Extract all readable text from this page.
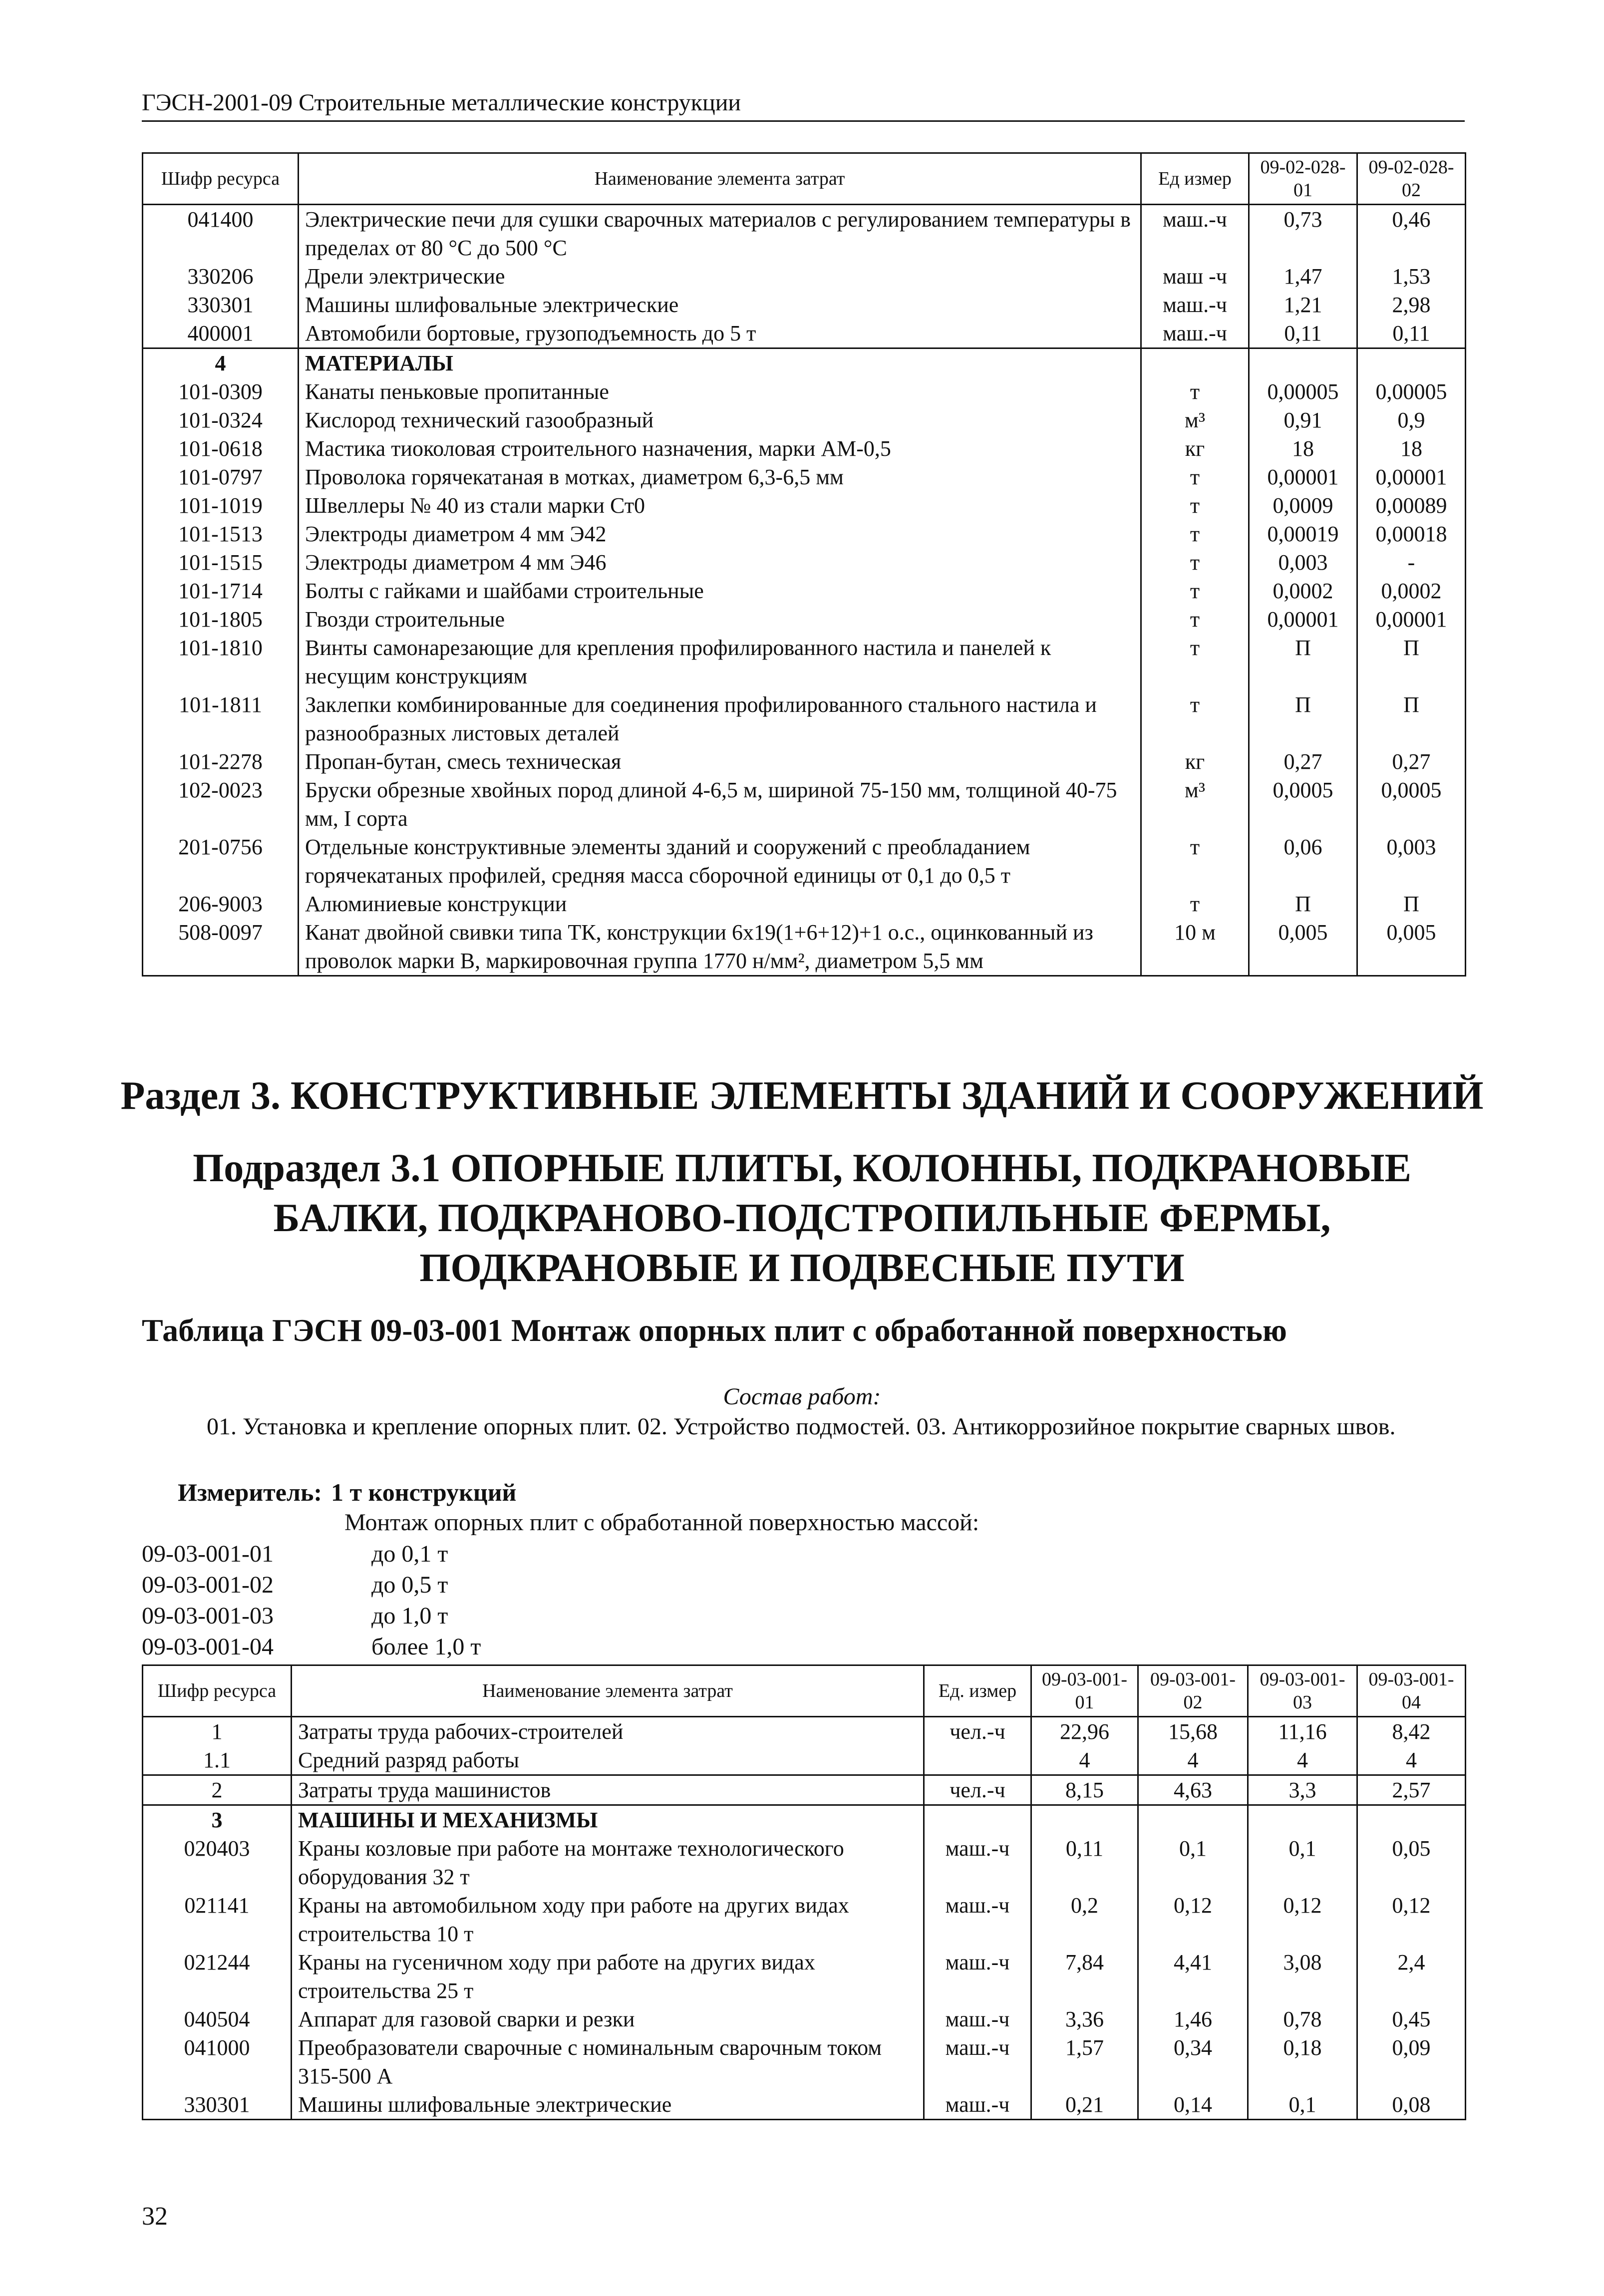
ГЭСН-2001-09 Строительные металлические конструкции
Шифр ресурса	Наименование элемента затрат	Ед измер	09-02-028-01	09-02-028-02
041400	Электрические печи для сушки сварочных материалов с регулированием температуры в пределах от 80 °С до 500 °С	маш.-ч	0,73	0,46
330206	Дрели электрические	маш -ч	1,47	1,53
330301	Машины шлифовальные электрические	маш.-ч	1,21	2,98
400001	Автомобили бортовые, грузоподъемность до 5 т	маш.-ч	0,11	0,11
4	МАТЕРИАЛЫ			
101-0309	Канаты пеньковые пропитанные	т	0,00005	0,00005
101-0324	Кислород технический газообразный	м³	0,91	0,9
101-0618	Мастика тиоколовая строительного назначения, марки АМ-0,5	кг	18	18
101-0797	Проволока горячекатаная в мотках, диаметром 6,3-6,5 мм	т	0,00001	0,00001
101-1019	Швеллеры № 40 из стали марки Ст0	т	0,0009	0,00089
101-1513	Электроды диаметром 4 мм Э42	т	0,00019	0,00018
101-1515	Электроды диаметром 4 мм Э46	т	0,003	-
101-1714	Болты с гайками и шайбами строительные	т	0,0002	0,0002
101-1805	Гвозди строительные	т	0,00001	0,00001
101-1810	Винты самонарезающие для крепления профилированного настила и панелей к несущим конструкциям	т	П	П
101-1811	Заклепки комбинированные для соединения профилированного стального настила и разнообразных листовых деталей	т	П	П
101-2278	Пропан-бутан, смесь техническая	кг	0,27	0,27
102-0023	Бруски обрезные хвойных пород длиной 4-6,5 м, шириной 75-150 мм, толщиной 40-75 мм, I сорта	м³	0,0005	0,0005
201-0756	Отдельные конструктивные элементы зданий и сооружений с преобладанием горячекатаных профилей, средняя масса сборочной единицы от 0,1 до 0,5 т	т	0,06	0,003
206-9003	Алюминиевые конструкции	т	П	П
508-0097	Канат двойной свивки типа ТК, конструкции 6х19(1+6+12)+1 о.с., оцинкованный из проволок марки В, маркировочная группа 1770 н/мм², диаметром 5,5 мм	10 м	0,005	0,005
Раздел 3. КОНСТРУКТИВНЫЕ ЭЛЕМЕНТЫ ЗДАНИЙ И СООРУЖЕНИЙ
Подраздел 3.1 ОПОРНЫЕ ПЛИТЫ, КОЛОННЫ, ПОДКРАНОВЫЕ
БАЛКИ, ПОДКРАНОВО-ПОДСТРОПИЛЬНЫЕ ФЕРМЫ,
ПОДКРАНОВЫЕ И ПОДВЕСНЫЕ ПУТИ
Таблица ГЭСН 09-03-001 Монтаж опорных плит с обработанной поверхностью
Состав работ:
01. Установка и крепление опорных плит. 02. Устройство подмостей. 03. Антикоррозийное покрытие сварных швов.
Измеритель: 1 т конструкций
Монтаж опорных плит с обработанной поверхностью массой:
09-03-001-01	до 0,1 т
09-03-001-02	до 0,5 т
09-03-001-03	до 1,0 т
09-03-001-04	более 1,0 т
Шифр ресурса	Наименование элемента затрат	Ед. измер	09-03-001-01	09-03-001-02	09-03-001-03	09-03-001-04
1	Затраты труда рабочих-строителей	чел.-ч	22,96	15,68	11,16	8,42
1.1	Средний разряд работы		4	4	4	4
2	Затраты труда машинистов	чел.-ч	8,15	4,63	3,3	2,57
3	МАШИНЫ И МЕХАНИЗМЫ					
020403	Краны козловые при работе на монтаже технологического оборудования 32 т	маш.-ч	0,11	0,1	0,1	0,05
021141	Краны на автомобильном ходу при работе на других видах строительства 10 т	маш.-ч	0,2	0,12	0,12	0,12
021244	Краны на гусеничном ходу при работе на других видах строительства 25 т	маш.-ч	7,84	4,41	3,08	2,4
040504	Аппарат для газовой сварки и резки	маш.-ч	3,36	1,46	0,78	0,45
041000	Преобразователи сварочные с номинальным сварочным током 315-500 А	маш.-ч	1,57	0,34	0,18	0,09
330301	Машины шлифовальные электрические	маш.-ч	0,21	0,14	0,1	0,08
32
